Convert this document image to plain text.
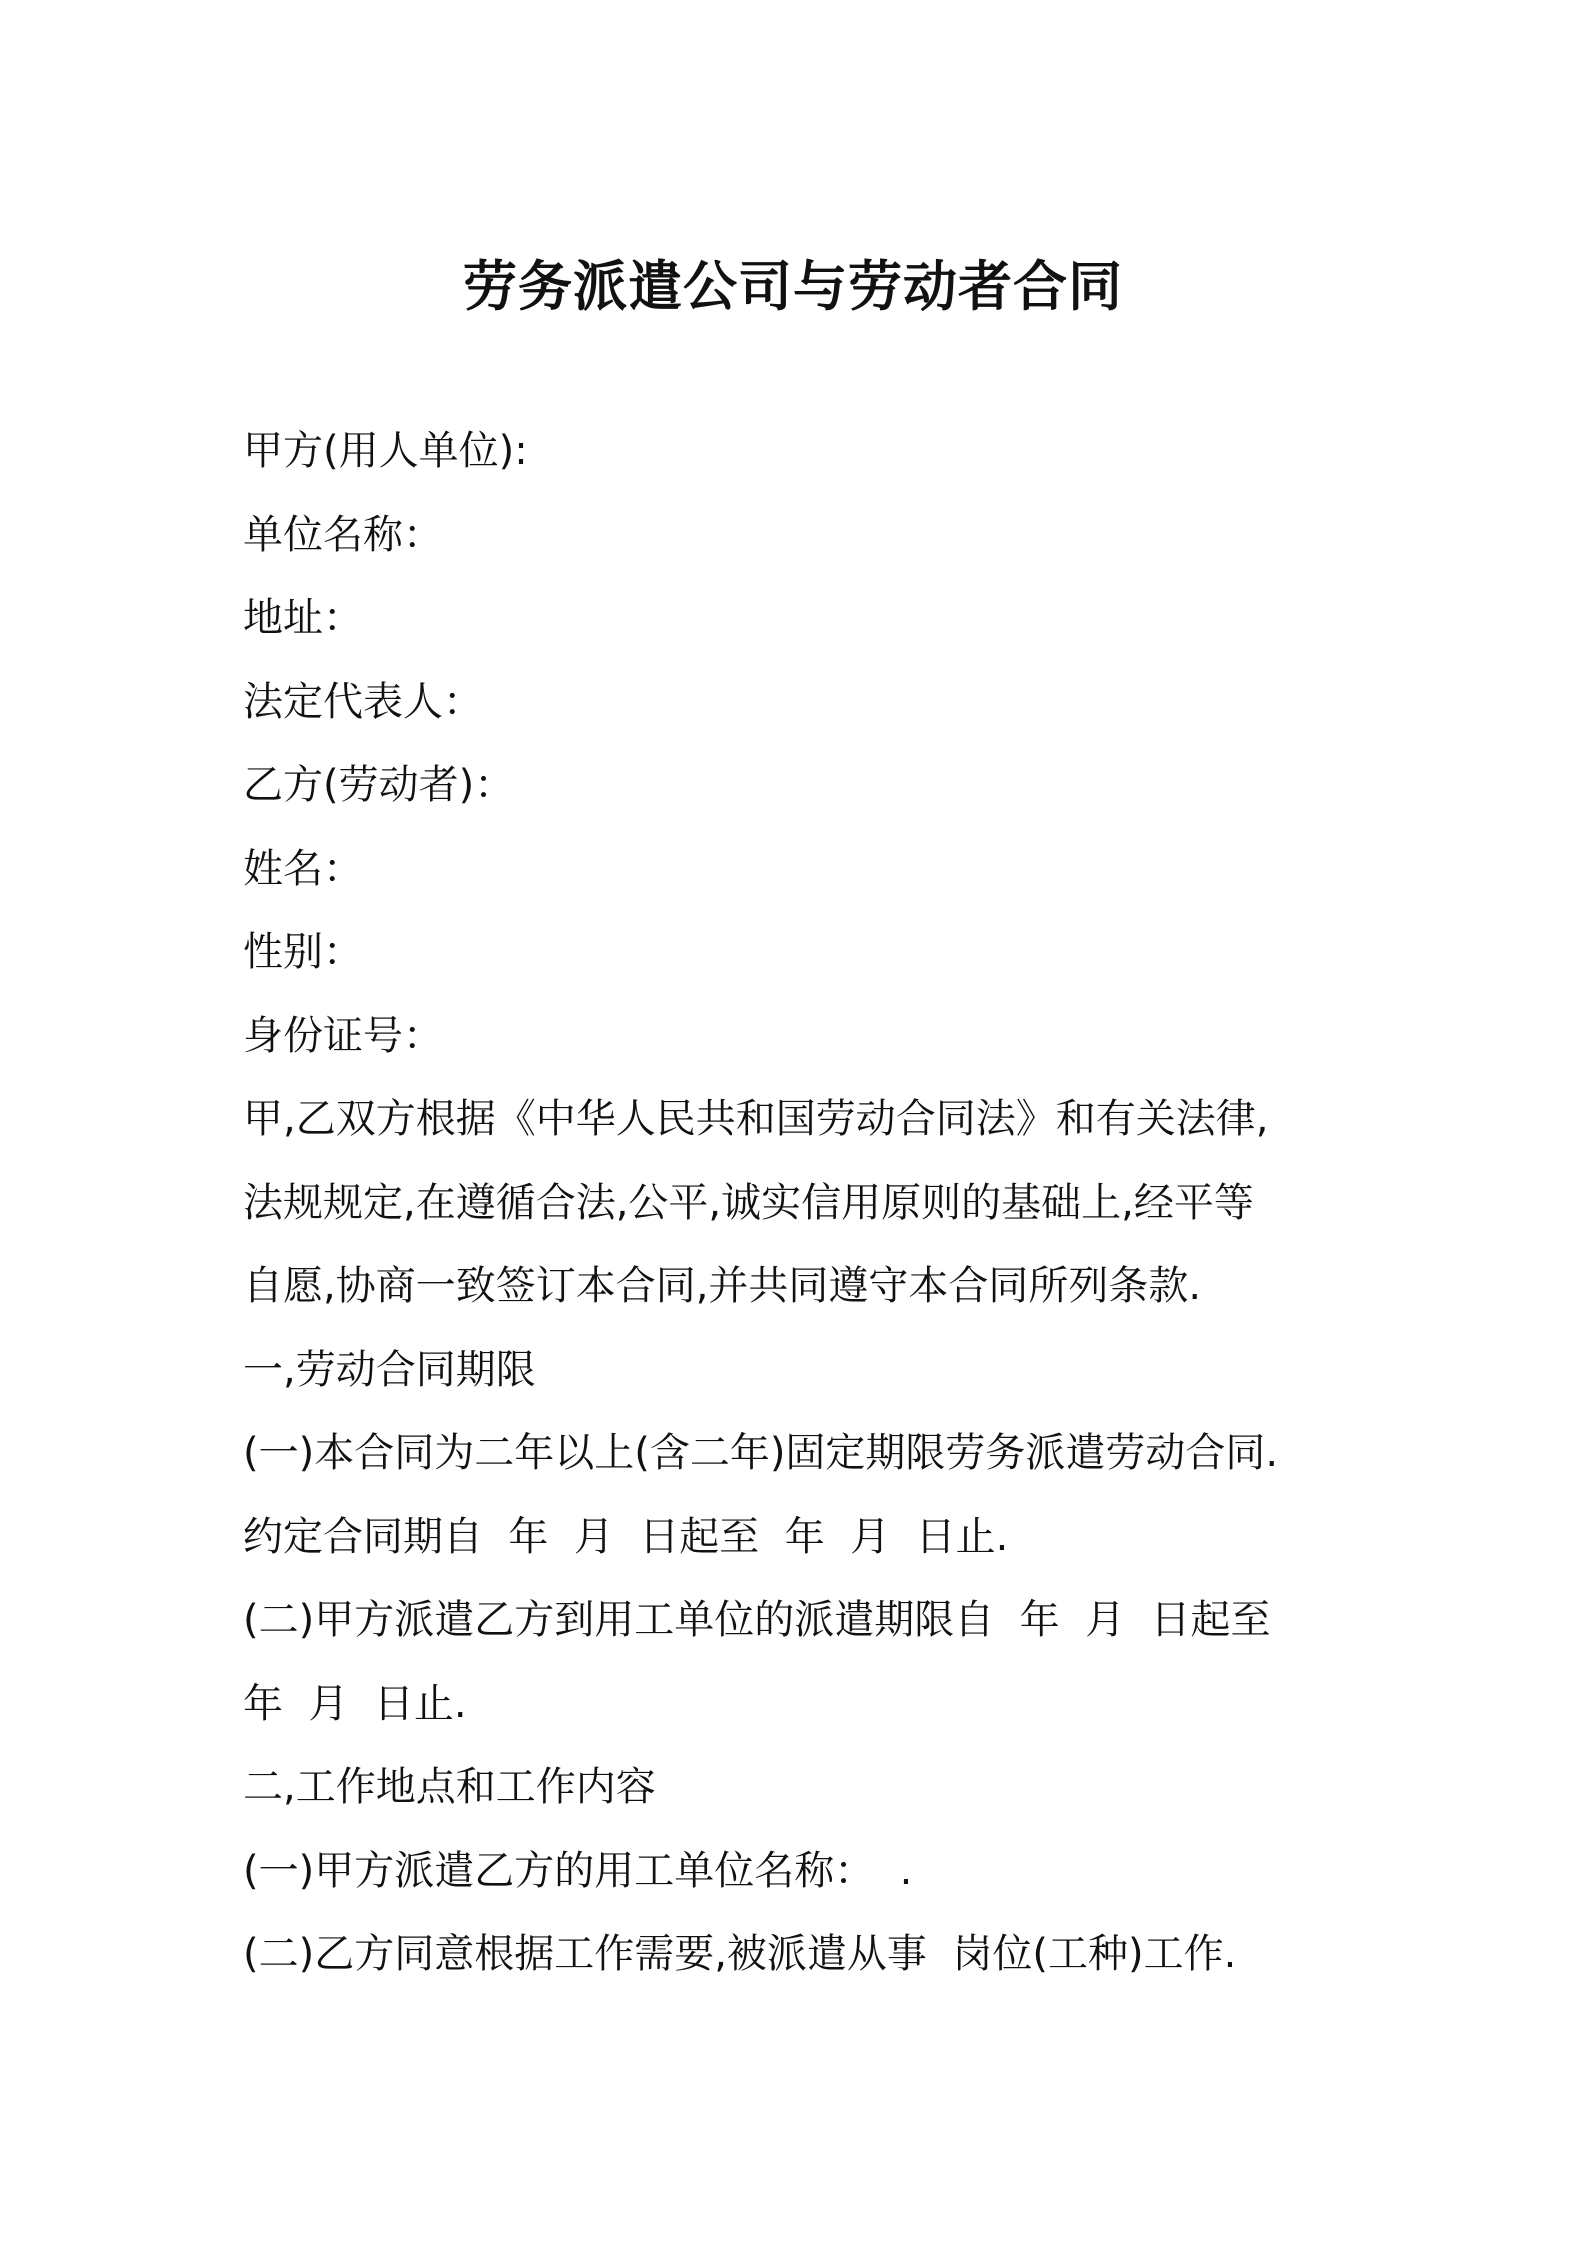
劳务派遣公司与劳动者合同
甲方(用人单位):
单位名称：
地址：
法定代表人：
乙方(劳动者)：
姓名：
性别：
身份证号：
甲,乙双方根据《中华人民共和国劳动合同法》和有关法律,
法规规定,在遵循合法,公平,诚实信用原则的基础上,经平等
自愿,协商一致签订本合同,并共同遵守本合同所列条款.
一,劳动合同期限
(一)本合同为二年以上(含二年)固定期限劳务派遣劳动合同.
约定合同期自  年  月  日起至  年  月  日止.
(二)甲方派遣乙方到用工单位的派遣期限自  年  月  日起至
年  月  日止.
二,工作地点和工作内容
(一)甲方派遣乙方的用工单位名称：  .
(二)乙方同意根据工作需要,被派遣从事  岗位(工种)工作.
